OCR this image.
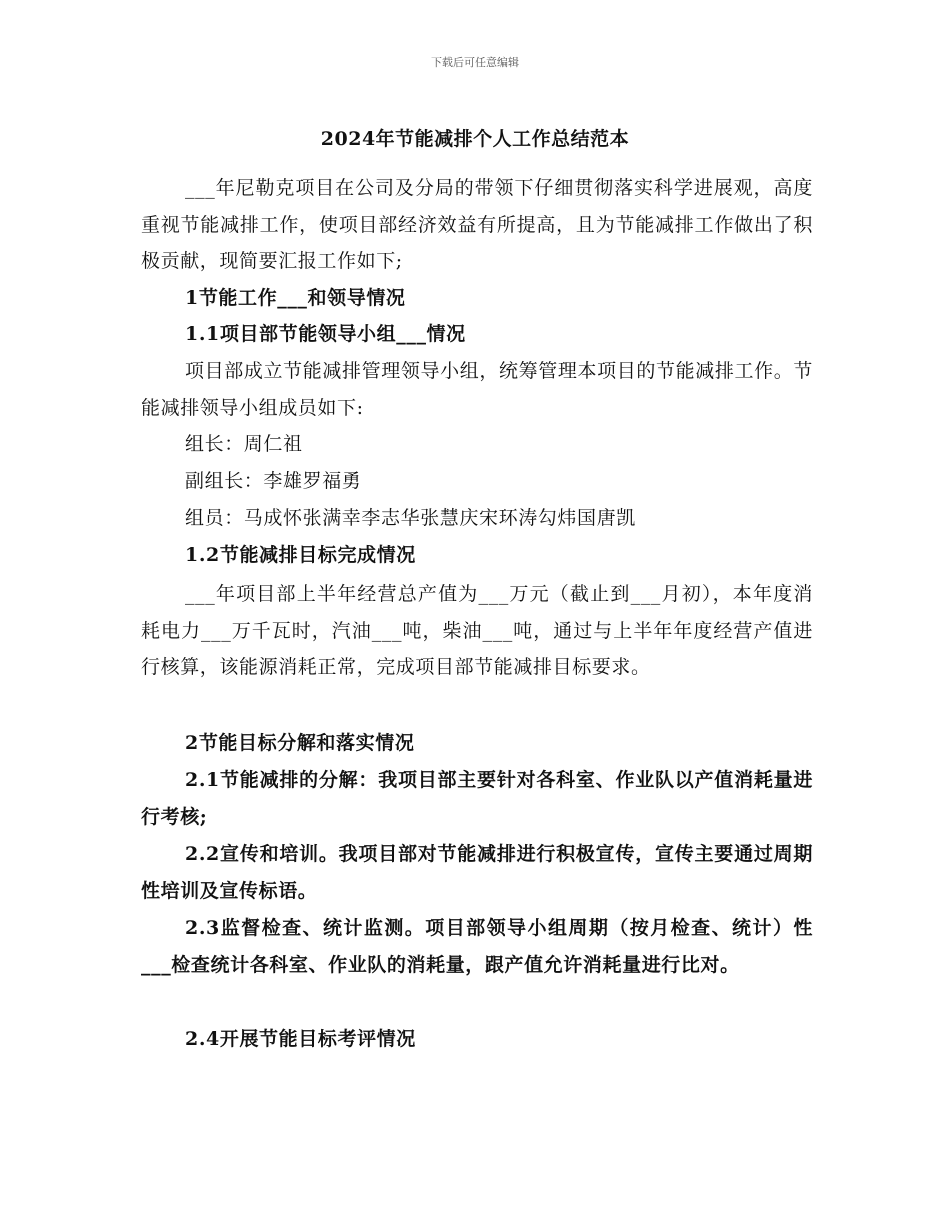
下载后可任意编辑
2024年节能减排个人工作总结范本
___年尼勒克项目在公司及分局的带领下仔细贯彻落实科学进展观，高度重视节能减排工作，使项目部经济效益有所提高，且为节能减排工作做出了积极贡献，现简要汇报工作如下;
1节能工作___和领导情况
1.1项目部节能领导小组___情况
项目部成立节能减排管理领导小组，统筹管理本项目的节能减排工作。节能减排领导小组成员如下:
组长：周仁祖
副组长：李雄罗福勇
组员：马成怀张满幸李志华张慧庆宋环涛勾炜国唐凯
1.2节能减排目标完成情况
___年项目部上半年经营总产值为___万元（截止到___月初），本年度消耗电力___万千瓦时，汽油___吨，柴油___吨，通过与上半年年度经营产值进行核算，该能源消耗正常，完成项目部节能减排目标要求。
2节能目标分解和落实情况
2.1节能减排的分解：我项目部主要针对各科室、作业队以产值消耗量进行考核;
2.2宣传和培训。我项目部对节能减排进行积极宣传，宣传主要通过周期性培训及宣传标语。
2.3监督检查、统计监测。项目部领导小组周期（按月检查、统计）性___检查统计各科室、作业队的消耗量，跟产值允许消耗量进行比对。
2.4开展节能目标考评情况
